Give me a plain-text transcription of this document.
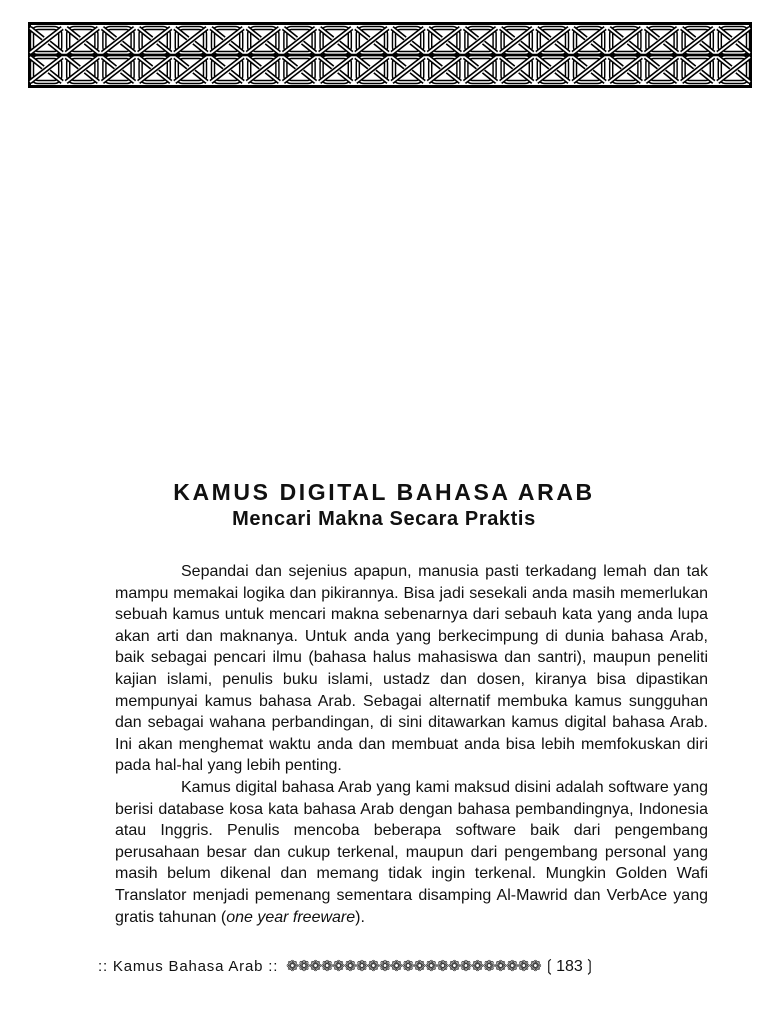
KAMUS DIGITAL BAHASA ARAB
Mencari Makna Secara Praktis

Sepandai dan sejenius apapun, manusia pasti terkadang lemah dan tak mampu memakai logika dan pikirannya. Bisa jadi sesekali anda masih memerlukan sebuah kamus untuk mencari makna sebenarnya dari sebauh kata yang anda lupa akan arti dan maknanya. Untuk anda yang berkecimpung di dunia bahasa Arab, baik sebagai pencari ilmu (bahasa halus mahasiswa dan santri), maupun peneliti kajian islami, penulis buku islami, ustadz dan dosen, kiranya bisa dipastikan mempunyai kamus bahasa Arab. Sebagai alternatif membuka kamus sungguhan dan sebagai wahana perbandingan, di sini ditawarkan kamus digital bahasa Arab. Ini akan menghemat waktu anda dan membuat anda bisa lebih memfokuskan diri pada hal-hal yang lebih penting.

Kamus digital bahasa Arab yang kami maksud disini adalah software yang berisi database kosa kata bahasa Arab dengan bahasa pembandingnya, Indonesia atau Inggris. Penulis mencoba beberapa software baik dari pengembang perusahaan besar dan cukup terkenal, maupun dari pengembang personal yang masih belum dikenal dan memang tidak ingin terkenal. Mungkin Golden Wafi Translator menjadi pemenang sementara disamping Al-Mawrid dan VerbAce yang gratis tahunan (one year freeware).

:: Kamus Bahasa Arab :: ❁❁❁❁❁❁❁❁❁❁❁❁❁❁❁❁❁❁❁❁❁❁ ❲183❳
